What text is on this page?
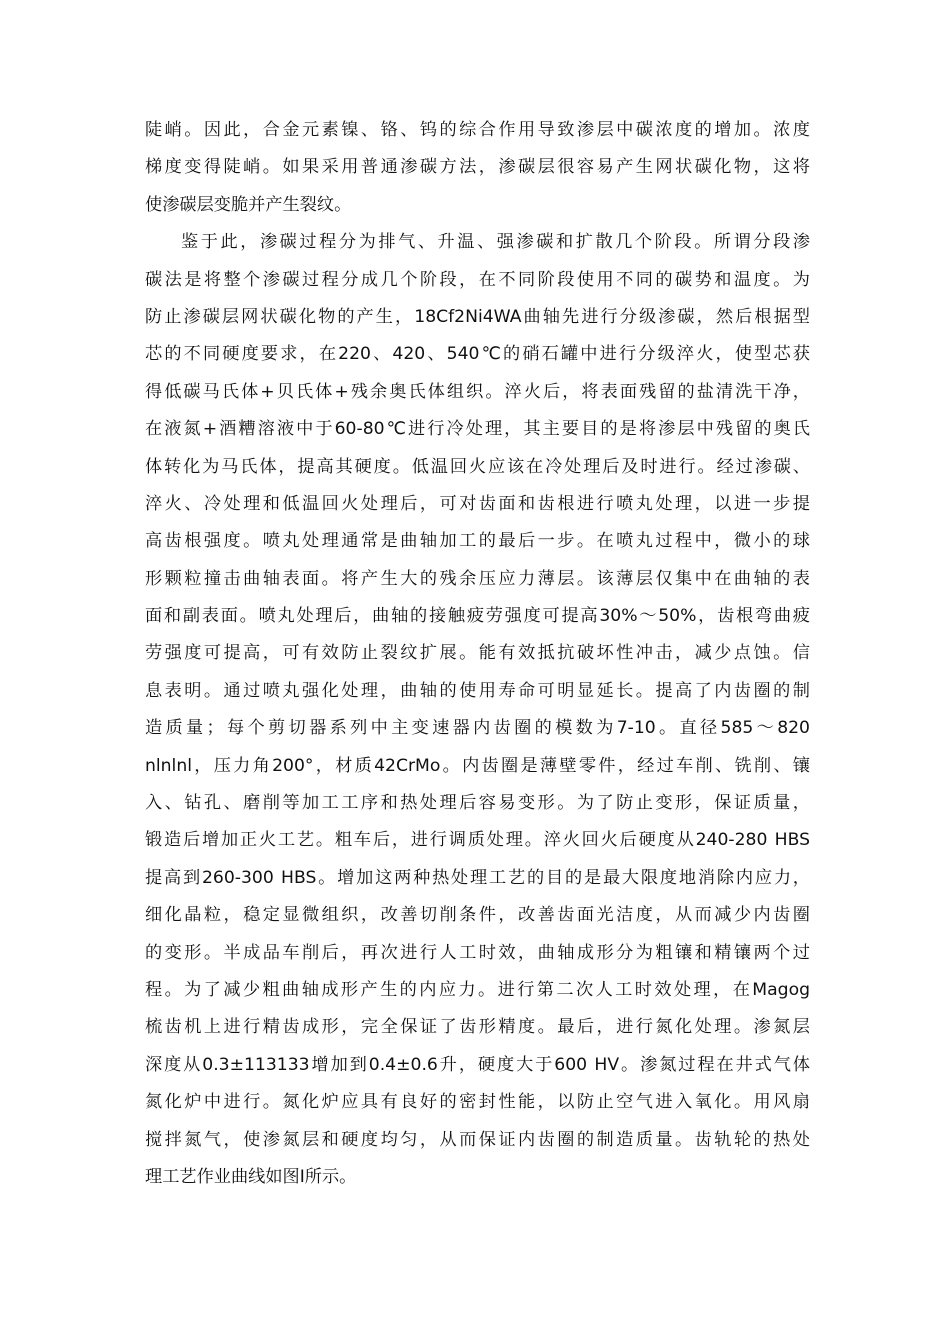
陡峭。因此，合金元素镍、铬、钨的综合作用导致渗层中碳浓度的增加。浓度
梯度变得陡峭。如果采用普通渗碳方法，渗碳层很容易产生网状碳化物，这将
使渗碳层变脆并产生裂纹。
鉴于此，渗碳过程分为排气、升温、强渗碳和扩散几个阶段。所谓分段渗
碳法是将整个渗碳过程分成几个阶段，在不同阶段使用不同的碳势和温度。为
防止渗碳层网状碳化物的产生，18Cf2Ni4WA曲轴先进行分级渗碳，然后根据型
芯的不同硬度要求，在220、420、540℃的硝石罐中进行分级淬火，使型芯获
得低碳马氏体+贝氏体+残余奥氏体组织。淬火后，将表面残留的盐清洗干净，
在液氮+酒糟溶液中于60-80℃进行冷处理，其主要目的是将渗层中残留的奥氏
体转化为马氏体，提高其硬度。低温回火应该在冷处理后及时进行。经过渗碳、
淬火、冷处理和低温回火处理后，可对齿面和齿根进行喷丸处理，以进一步提
高齿根强度。喷丸处理通常是曲轴加工的最后一步。在喷丸过程中，微小的球
形颗粒撞击曲轴表面。将产生大的残余压应力薄层。该薄层仅集中在曲轴的表
面和副表面。喷丸处理后，曲轴的接触疲劳强度可提高30%～50%，齿根弯曲疲
劳强度可提高，可有效防止裂纹扩展。能有效抵抗破坏性冲击，减少点蚀。信
息表明。通过喷丸强化处理，曲轴的使用寿命可明显延长。提高了内齿圈的制
造质量；每个剪切器系列中主变速器内齿圈的模数为7-10。直径585～820
nlnlnl，压力角200°，材质42CrMo。内齿圈是薄壁零件，经过车削、铣削、镶
入、钻孔、磨削等加工工序和热处理后容易变形。为了防止变形，保证质量，
锻造后增加正火工艺。粗车后，进行调质处理。淬火回火后硬度从240-280 HBS
提高到260-300 HBS。增加这两种热处理工艺的目的是最大限度地消除内应力，
细化晶粒，稳定显微组织，改善切削条件，改善齿面光洁度，从而减少内齿圈
的变形。半成品车削后，再次进行人工时效，曲轴成形分为粗镶和精镶两个过
程。为了减少粗曲轴成形产生的内应力。进行第二次人工时效处理，在Magog
梳齿机上进行精齿成形，完全保证了齿形精度。最后，进行氮化处理。渗氮层
深度从0.3±113133增加到0.4±0.6升，硬度大于600 HV。渗氮过程在井式气体
氮化炉中进行。氮化炉应具有良好的密封性能，以防止空气进入氧化。用风扇
搅拌氮气，使渗氮层和硬度均匀，从而保证内齿圈的制造质量。齿轨轮的热处
理工艺作业曲线如图I所示。
